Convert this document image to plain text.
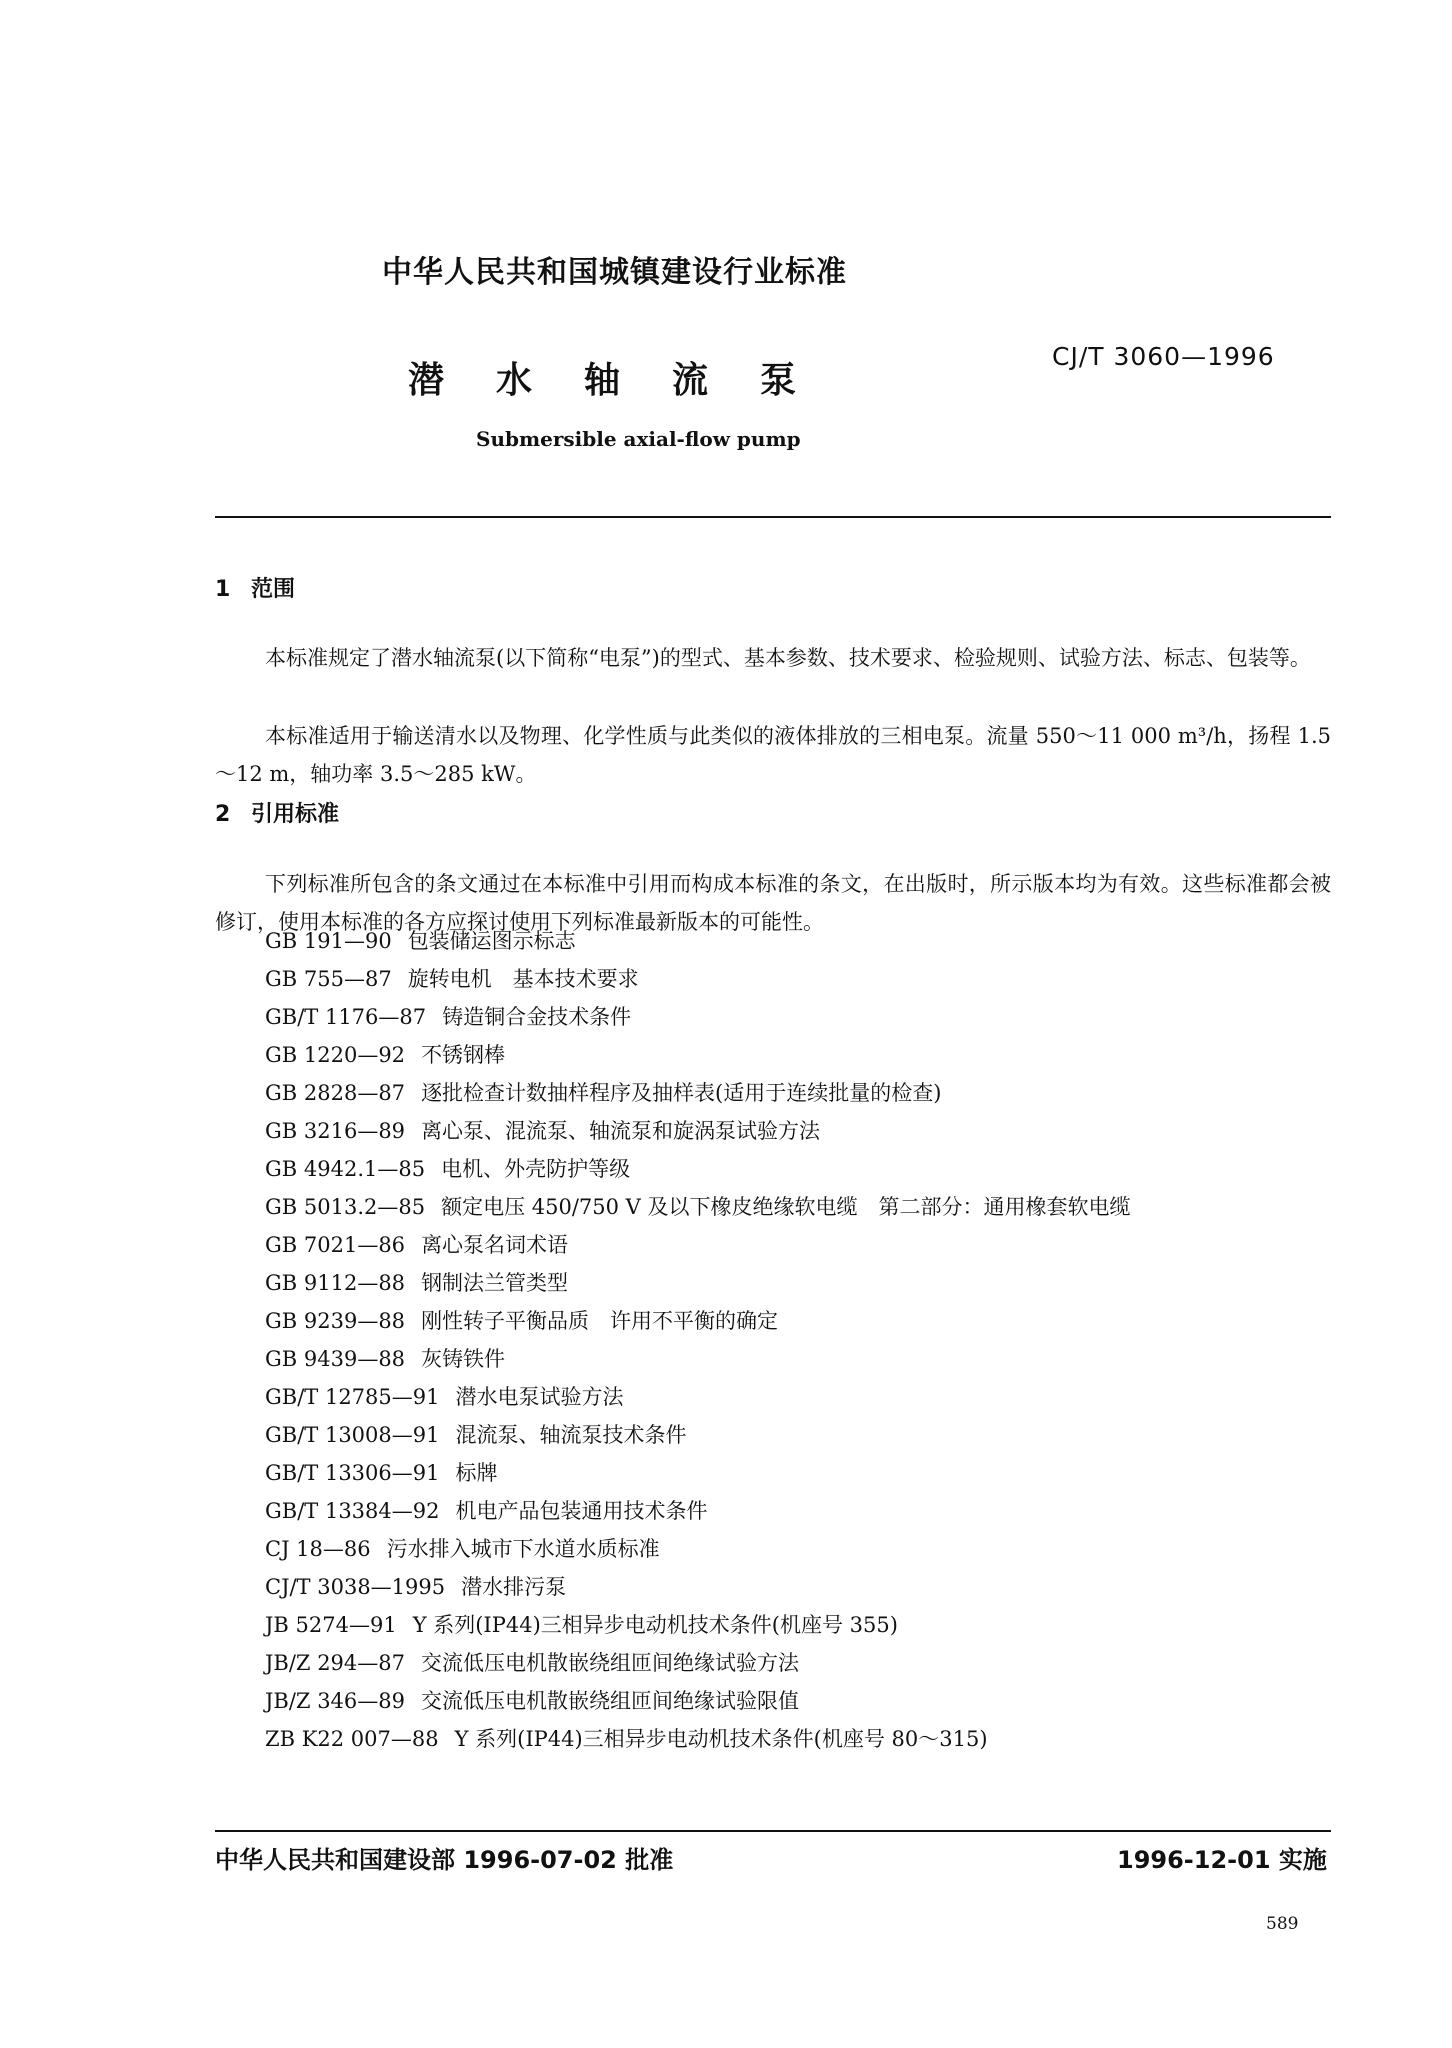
中华人民共和国城镇建设行业标准
潜水轴流泵
CJ/T 3060—1996
Submersible axial-flow pump
1 范围

本标准规定了潜水轴流泵(以下简称“电泵”)的型式、基本参数、技术要求、检验规则、试验方法、标志、包装等。

本标准适用于输送清水以及物理、化学性质与此类似的液体排放的三相电泵。流量 550～11 000 m³/h，扬程 1.5～12 m，轴功率 3.5～285 kW。

2 引用标准

下列标准所包含的条文通过在本标准中引用而构成本标准的条文，在出版时，所示版本均为有效。这些标准都会被修订，使用本标准的各方应探讨使用下列标准最新版本的可能性。

GB 191—90 包装储运图示标志
GB 755—87 旋转电机　基本技术要求
GB/T 1176—87 铸造铜合金技术条件
GB 1220—92 不锈钢棒
GB 2828—87 逐批检查计数抽样程序及抽样表(适用于连续批量的检查)
GB 3216—89 离心泵、混流泵、轴流泵和旋涡泵试验方法
GB 4942.1—85 电机、外壳防护等级
GB 5013.2—85 额定电压 450/750 V 及以下橡皮绝缘软电缆　第二部分：通用橡套软电缆
GB 7021—86 离心泵名词术语
GB 9112—88 钢制法兰管类型
GB 9239—88 刚性转子平衡品质　许用不平衡的确定
GB 9439—88 灰铸铁件
GB/T 12785—91 潜水电泵试验方法
GB/T 13008—91 混流泵、轴流泵技术条件
GB/T 13306—91 标牌
GB/T 13384—92 机电产品包装通用技术条件
CJ 18—86 污水排入城市下水道水质标准
CJ/T 3038—1995 潜水排污泵
JB 5274—91 Y 系列(IP44)三相异步电动机技术条件(机座号 355)
JB/Z 294—87 交流低压电机散嵌绕组匝间绝缘试验方法
JB/Z 346—89 交流低压电机散嵌绕组匝间绝缘试验限值
ZB K22 007—88 Y 系列(IP44)三相异步电动机技术条件(机座号 80～315)
中华人民共和国建设部 1996-07-02 批准	1996-12-01 实施
589
